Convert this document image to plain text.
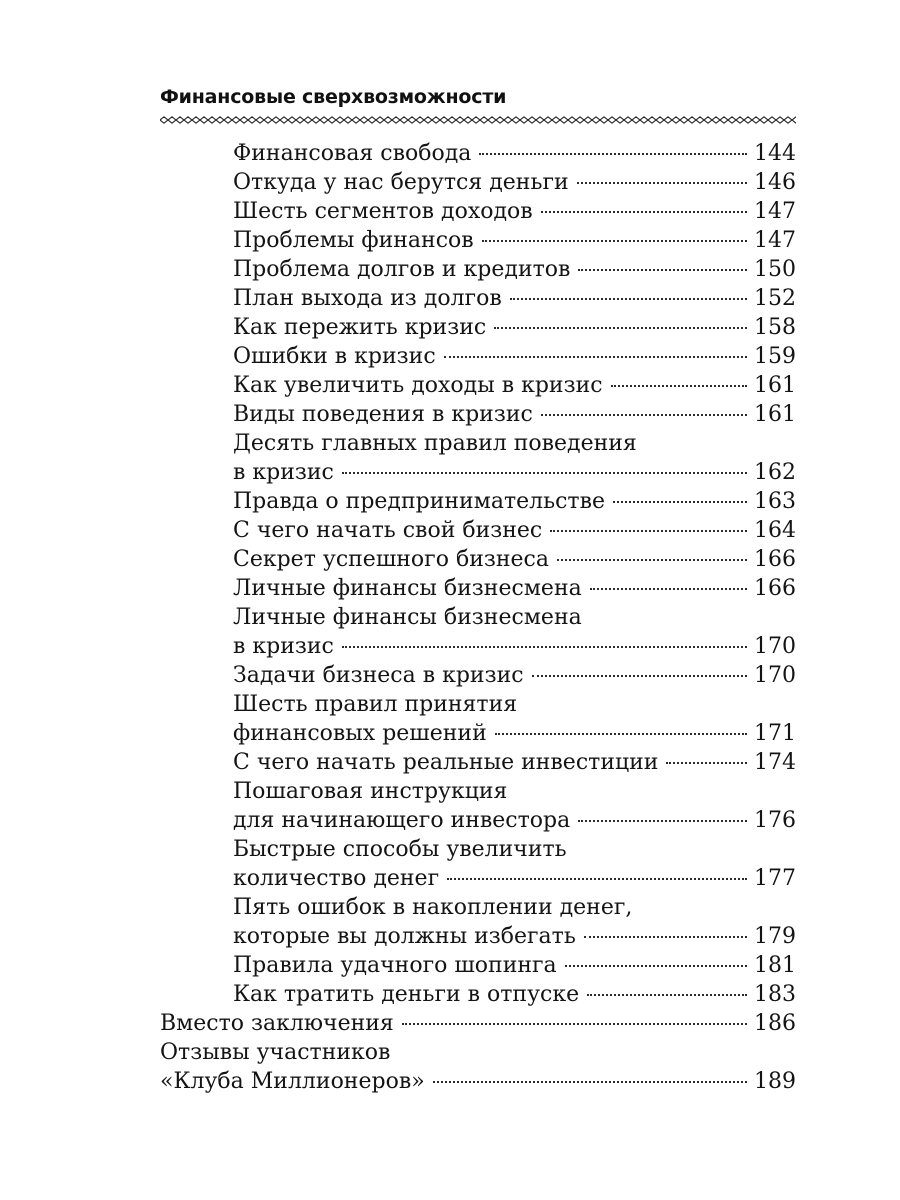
Финансовые сверхвозможности
Финансовая свобода	144
Откуда у нас берутся деньги	146
Шесть сегментов доходов	147
Проблемы финансов	147
Проблема долгов и кредитов	150
План выхода из долгов	152
Как пережить кризис	158
Ошибки в кризис	159
Как увеличить доходы в кризис	161
Виды поведения в кризис	161
Десять главных правил поведения
в кризис	162
Правда о предпринимательстве	163
С чего начать свой бизнес	164
Секрет успешного бизнеса	166
Личные финансы бизнесмена	166
Личные финансы бизнесмена
в кризис	170
Задачи бизнеса в кризис	170
Шесть правил принятия
финансовых решений	171
С чего начать реальные инвестиции	174
Пошаговая инструкция
для начинающего инвестора	176
Быстрые способы увеличить
количество денег	177
Пять ошибок в накоплении денег,
которые вы должны избегать	179
Правила удачного шопинга	181
Как тратить деньги в отпуске	183
Вместо заключения	186
Отзывы участников
«Клуба Миллионеров»	189
